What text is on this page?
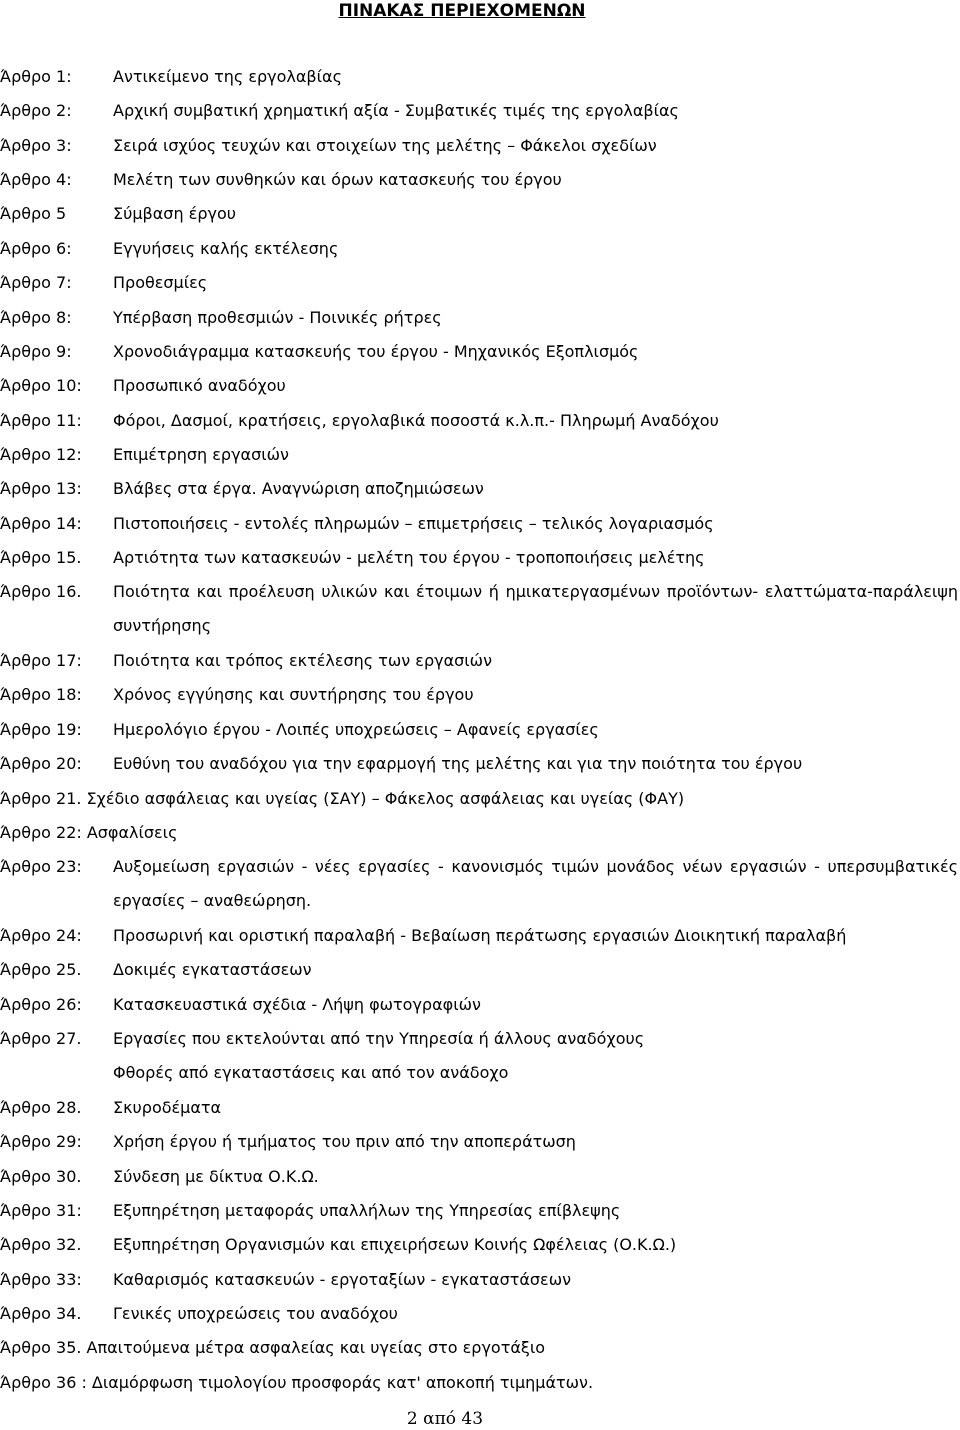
ΠΙΝΑΚΑΣ ΠΕΡΙΕΧΟΜΕΝΩΝ
Άρθρο 1:	Αντικείμενο της εργολαβίας
Άρθρο 2:	Αρχική συμβατική χρηματική αξία - Συμβατικές τιμές της εργολαβίας
Άρθρο 3:	Σειρά ισχύος τευχών και στοιχείων της μελέτης – Φάκελοι σχεδίων
Άρθρο 4:	Μελέτη των συνθηκών και όρων κατασκευής του έργου
Άρθρο 5	Σύμβαση έργου
Άρθρο 6:	Εγγυήσεις καλής εκτέλεσης
Άρθρο 7:	Προθεσμίες
Άρθρο 8:	Υπέρβαση προθεσμιών - Ποινικές ρήτρες
Άρθρο 9:	Χρονοδιάγραμμα κατασκευής του έργου - Μηχανικός Εξοπλισμός
Άρθρο 10:	Προσωπικό αναδόχου
Άρθρο 11:	Φόροι, Δασμοί, κρατήσεις, εργολαβικά ποσοστά κ.λ.π.- Πληρωμή Αναδόχου
Άρθρο 12:	Επιμέτρηση εργασιών
Άρθρο 13:	Βλάβες στα έργα. Αναγνώριση αποζημιώσεων
Άρθρο 14:	Πιστοποιήσεις - εντολές πληρωμών – επιμετρήσεις – τελικός λογαριασμός
Άρθρο 15.	Αρτιότητα των κατασκευών - μελέτη του έργου - τροποποιήσεις μελέτης
Άρθρο 16.	Ποιότητα και προέλευση υλικών και έτοιμων ή ημικατεργασμένων προϊόντων- ελαττώματα-παράλειψη συντήρησης
Άρθρο 17:	Ποιότητα και τρόπος εκτέλεσης των εργασιών
Άρθρο 18:	Χρόνος εγγύησης και συντήρησης του έργου
Άρθρο 19:	Ημερολόγιο έργου - Λοιπές υποχρεώσεις – Αφανείς εργασίες
Άρθρο 20:	Ευθύνη του αναδόχου για την εφαρμογή της μελέτης και για την ποιότητα του έργου
Άρθρο 21. Σχέδιο ασφάλειας και υγείας (ΣΑΥ) – Φάκελος ασφάλειας και υγείας (ΦΑΥ)
Άρθρο 22: Ασφαλίσεις
Άρθρο 23:	Αυξομείωση εργασιών - νέες εργασίες - κανονισμός τιμών μονάδος νέων εργασιών - υπερσυμβατικές εργασίες – αναθεώρηση.
Άρθρο 24:	Προσωρινή και οριστική παραλαβή - Βεβαίωση περάτωσης εργασιών Διοικητική παραλαβή
Άρθρο 25.	Δοκιμές εγκαταστάσεων
Άρθρο 26:	Κατασκευαστικά σχέδια - Λήψη φωτογραφιών
Άρθρο 27.	Εργασίες που εκτελούνται από την Υπηρεσία ή άλλους αναδόχους
Φθορές από εγκαταστάσεις και από τον ανάδοχο
Άρθρο 28.	Σκυροδέματα
Άρθρο 29:	Χρήση έργου ή τμήματος του πριν από την αποπεράτωση
Άρθρο 30.	Σύνδεση με δίκτυα Ο.Κ.Ω.
Άρθρο 31:	Εξυπηρέτηση μεταφοράς υπαλλήλων της Υπηρεσίας επίβλεψης
Άρθρο 32.	Εξυπηρέτηση Οργανισμών και επιχειρήσεων Κοινής Ωφέλειας (Ο.Κ.Ω.)
Άρθρο 33:	Καθαρισμός κατασκευών - εργοταξίων - εγκαταστάσεων
Άρθρο 34.	Γενικές υποχρεώσεις του αναδόχου
Άρθρο 35. Απαιτούμενα μέτρα ασφαλείας και υγείας στο εργοτάξιο
Άρθρο 36 : Διαμόρφωση τιμολογίου προσφοράς κατ' αποκοπή τιμημάτων.
2 από 43
